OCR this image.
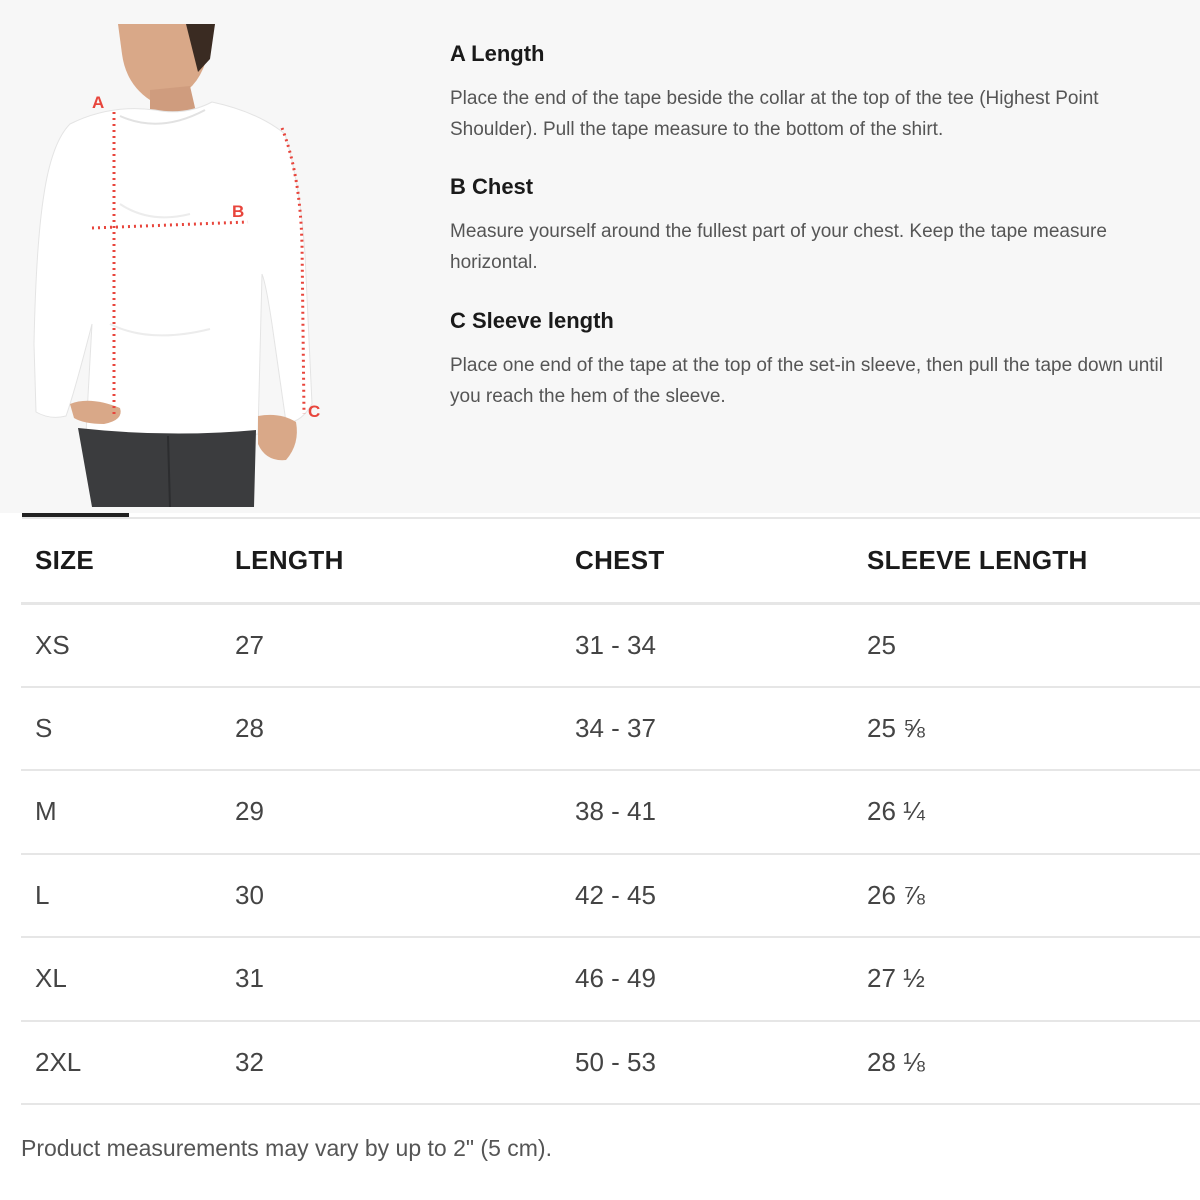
A
B
C
A Length
Place the end of the tape beside the collar at the top of the tee (Highest Point Shoulder). Pull the tape measure to the bottom of the shirt.
B Chest
Measure yourself around the fullest part of your chest. Keep the tape measure horizontal.
C Sleeve length
Place one end of the tape at the top of the set-in sleeve, then pull the tape down until you reach the hem of the sleeve.
SIZE	LENGTH	CHEST	SLEEVE LENGTH
XS	27	31 - 34	25
S	28	34 - 37	25 ⅝
M	29	38 - 41	26 ¼
L	30	42 - 45	26 ⅞
XL	31	46 - 49	27 ½
2XL	32	50 - 53	28 ⅛
Product measurements may vary by up to 2" (5 cm).
